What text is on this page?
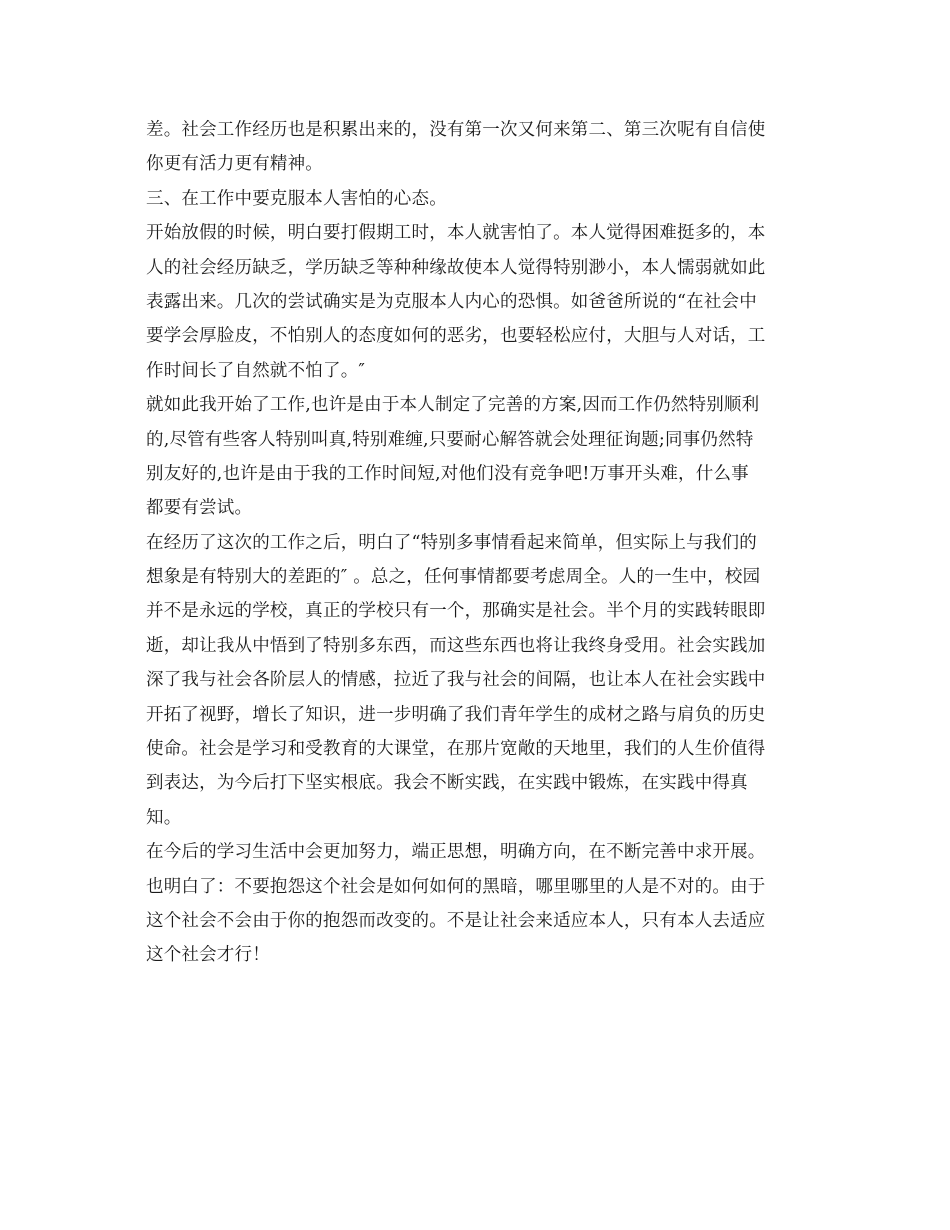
差。社会工作经历也是积累出来的，没有第一次又何来第二、第三次呢有自信使
你更有活力更有精神。
三、在工作中要克服本人害怕的心态。
开始放假的时候，明白要打假期工时，本人就害怕了。本人觉得困难挺多的，本
人的社会经历缺乏，学历缺乏等种种缘故使本人觉得特别渺小，本人懦弱就如此
表露出来。几次的尝试确实是为克服本人内心的恐惧。如爸爸所说的“在社会中
要学会厚脸皮，不怕别人的态度如何的恶劣，也要轻松应付，大胆与人对话，工
作时间长了自然就不怕了。″
就如此我开始了工作,也许是由于本人制定了完善的方案,因而工作仍然特别顺利
的,尽管有些客人特别叫真,特别难缠,只要耐心解答就会处理征询题;同事仍然特
别友好的,也许是由于我的工作时间短,对他们没有竞争吧!万事开头难，什么事
都要有尝试。
在经历了这次的工作之后，明白了“特别多事情看起来简单，但实际上与我们的
想象是有特别大的差距的″ 。总之，任何事情都要考虑周全。人的一生中，校园
并不是永远的学校，真正的学校只有一个，那确实是社会。半个月的实践转眼即
逝，却让我从中悟到了特别多东西，而这些东西也将让我终身受用。社会实践加
深了我与社会各阶层人的情感，拉近了我与社会的间隔，也让本人在社会实践中
开拓了视野，增长了知识，进一步明确了我们青年学生的成材之路与肩负的历史
使命。社会是学习和受教育的大课堂，在那片宽敞的天地里，我们的人生价值得
到表达，为今后打下坚实根底。我会不断实践，在实践中锻炼，在实践中得真
知。
在今后的学习生活中会更加努力，端正思想，明确方向，在不断完善中求开展。
也明白了：不要抱怨这个社会是如何如何的黑暗，哪里哪里的人是不对的。由于
这个社会不会由于你的抱怨而改变的。不是让社会来适应本人，只有本人去适应
这个社会才行！
